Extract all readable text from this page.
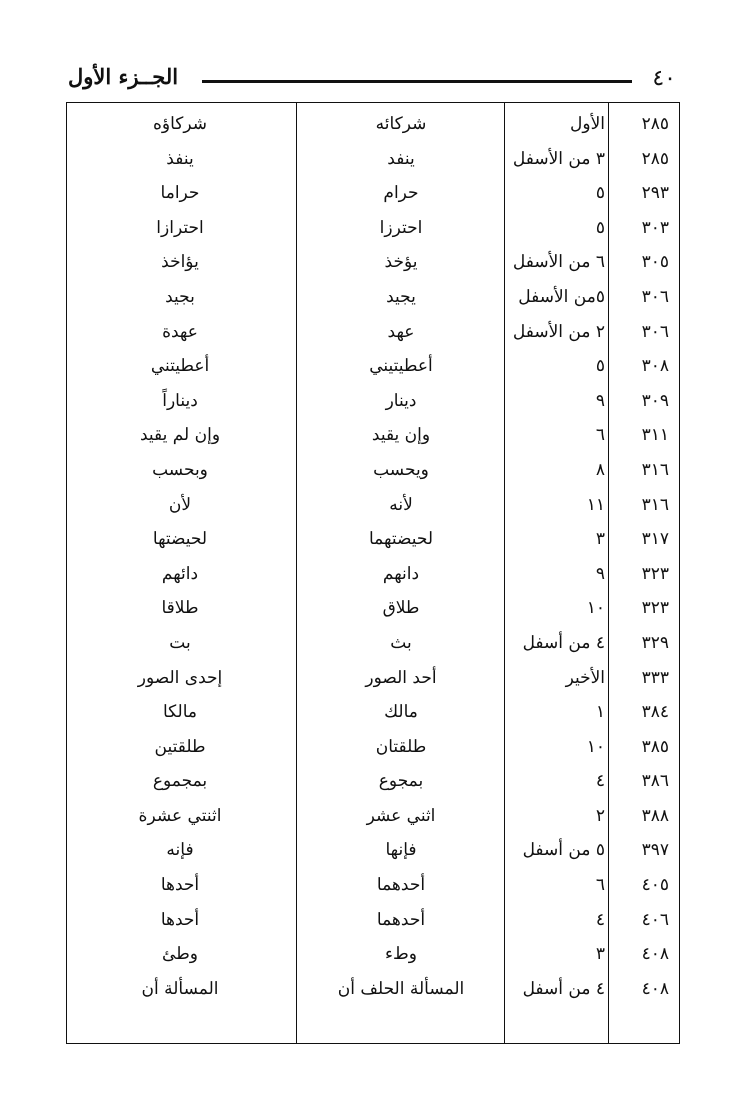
٤٠
الجــزء الأول
٢٨٥
الأول
شركائه
شركاؤه
٢٨٥
٣ من الأسفل
ينفد
ينفذ
٢٩٣
٥
حرام
حراما
٣٠٣
٥
احترزا
احترازا
٣٠٥
٦ من الأسفل
يؤخذ
يؤاخذ
٣٠٦
٥من الأسفل
يجيد
بجيد
٣٠٦
٢ من الأسفل
عهد
عهدة
٣٠٨
٥
أعطيتيني
أعطيتني
٣٠٩
٩
دينار
ديناراً
٣١١
٦
وإن يقيد
وإن لم يقيد
٣١٦
٨
ويحسب
وبحسب
٣١٦
١١
لأنه
لأن
٣١٧
٣
لحيضتهما
لحيضتها
٣٢٣
٩
دانهم
دائهم
٣٢٣
١٠
طلاق
طلاقا
٣٢٩
٤ من أسفل
بث
بت
٣٣٣
الأخير
أحد الصور
إحدى الصور
٣٨٤
١
مالك
مالكا
٣٨٥
١٠
طلقتان
طلقتين
٣٨٦
٤
بمجوع
بمجموع
٣٨٨
٢
اثني عشر
اثنتي عشرة
٣٩٧
٥ من أسفل
فإنها
فإنه
٤٠٥
٦
أحدهما
أحدها
٤٠٦
٤
أحدهما
أحدها
٤٠٨
٣
وطء
وطئ
٤٠٨
٤ من أسفل
المسألة الحلف أن
المسألة أن
